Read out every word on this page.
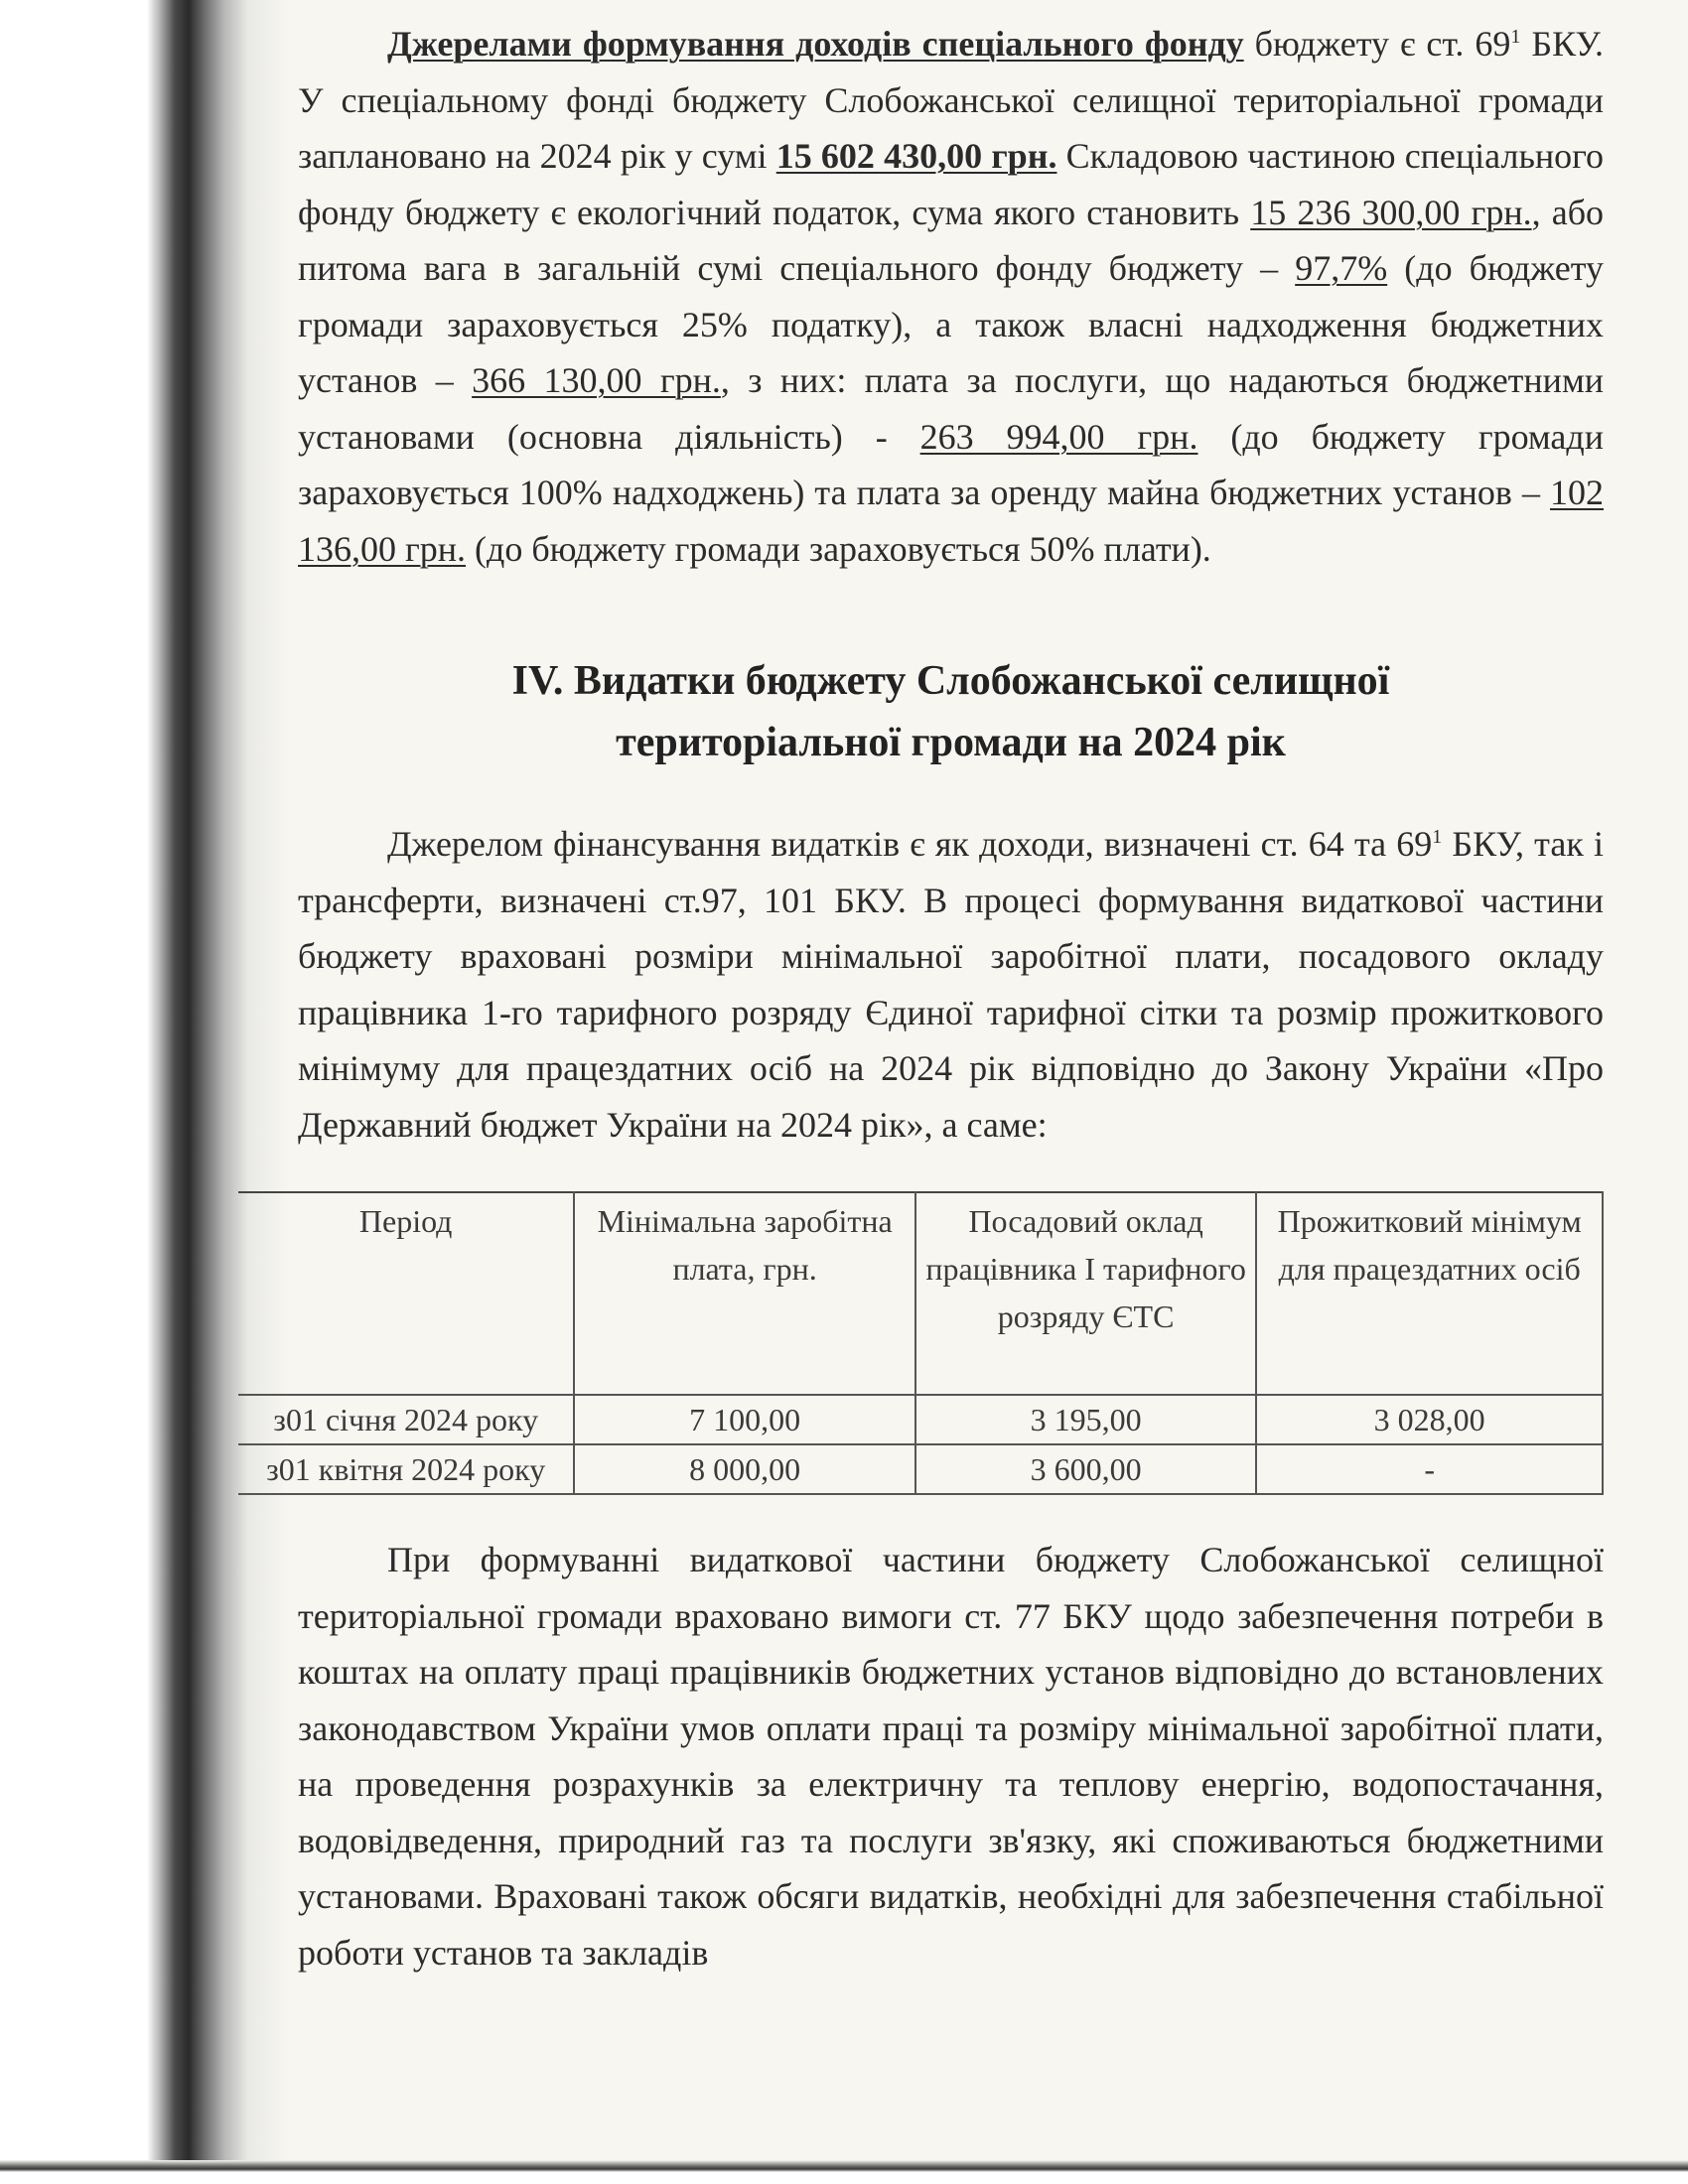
Джерелами формування доходів спеціального фонду бюджету є ст. $69^1$ БКУ. У спеціальному фонді бюджету Слобожанської селищної територіальної громади заплановано на 2024 рік у сумі 15 602 430,00 грн. Складовою частиною спеціального фонду бюджету є екологічний податок, сума якого становить 15 236 300,00 грн., або питома вага в загальній сумі спеціального фонду бюджету – 97,7% (до бюджету громади зараховується 25% податку), а також власні надходження бюджетних установ – 366 130,00 грн., з них: плата за послуги, що надаються бюджетними установами (основна діяльність) - 263 994,00 грн. (до бюджету громади зараховується 100% надходжень) та плата за оренду майна бюджетних установ – 102 136,00 грн. (до бюджету громади зараховується 50% плати).

IV. Видатки бюджету Слобожанської селищної
територіальної громади на 2024 рік

Джерелом фінансування видатків є як доходи, визначені ст. 64 та $69^1$ БКУ, так і трансферти, визначені ст.97, 101 БКУ. В процесі формування видаткової частини бюджету враховані розміри мінімальної заробітної плати, посадового окладу працівника 1-го тарифного розряду Єдиної тарифної сітки та розмір прожиткового мінімуму для працездатних осіб на 2024 рік відповідно до Закону України «Про Державний бюджет України на 2024 рік», а саме:

Період	Мінімальна заробітна плата, грн.	Посадовий оклад працівника I тарифного розряду ЄТС	Прожитковий мінімум для працездатних осіб
з01 січня 2024 року	7 100,00	3 195,00	3 028,00
з01 квітня 2024 року	8 000,00	3 600,00	-

При формуванні видаткової частини бюджету Слобожанської селищної територіальної громади враховано вимоги ст. 77 БКУ щодо забезпечення потреби в коштах на оплату праці працівників бюджетних установ відповідно до встановлених законодавством України умов оплати праці та розміру мінімальної заробітної плати, на проведення розрахунків за електричну та теплову енергію, водопостачання, водовідведення, природний газ та послуги зв'язку, які споживаються бюджетними установами. Враховані також обсяги видатків, необхідні для забезпечення стабільної роботи установ та закладів
